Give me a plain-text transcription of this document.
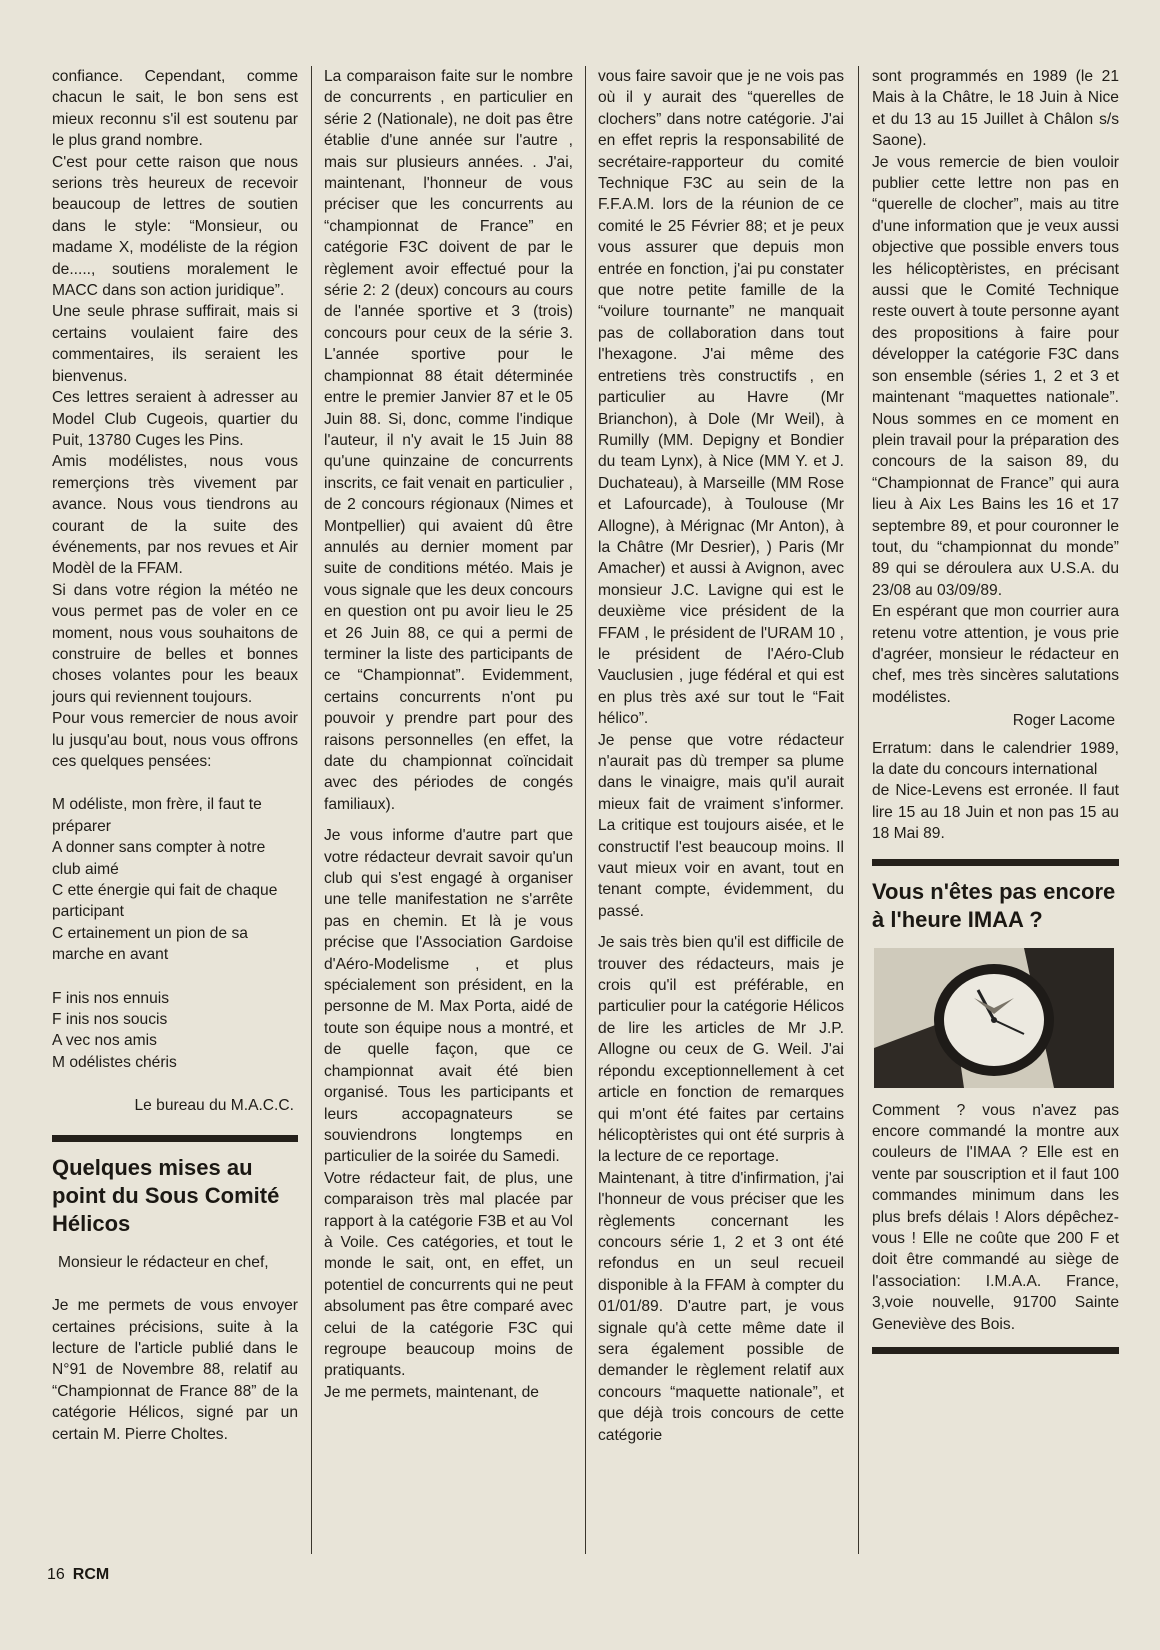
confiance. Cependant, comme chacun le sait, le bon sens est mieux reconnu s'il est soutenu par le plus grand nombre.

C'est pour cette raison que nous serions très heureux de recevoir beaucoup de lettres de soutien dans le style: “Monsieur, ou madame X, modéliste de la région de....., soutiens moralement le MACC dans son action juridique”.

Une seule phrase suffirait, mais si certains voulaient faire des commentaires, ils seraient les bienvenus.

Ces lettres seraient à adresser au Model Club Cugeois, quartier du Puit, 13780 Cuges les Pins.

Amis modélistes, nous vous remerçions très vivement par avance. Nous vous tiendrons au courant de la suite des événements, par nos revues et Air Modèl de la FFAM.

Si dans votre région la météo ne vous permet pas de voler en ce moment, nous vous souhaitons de construire de belles et bonnes choses volantes pour les beaux jours qui reviennent toujours.

Pour vous remercier de nous avoir lu jusqu'au bout, nous vous offrons ces quelques pensées:

M odéliste, mon frère, il faut te préparer

A donner sans compter à notre club aimé

C ette énergie qui fait de chaque participant

C ertainement un pion de sa marche en avant

F inis nos ennuis

F inis nos soucis

A vec nos amis

M odélistes chéris

Le bureau du M.A.C.C.

Quelques mises au point du Sous Comité Hélicos

Monsieur le rédacteur en chef,

Je me permets de vous envoyer certaines précisions, suite à la lecture de l'article publié dans le N°91 de Novembre 88, relatif au “Championnat de France 88” de la catégorie Hélicos, signé par un certain M. Pierre Choltes.

La comparaison faite sur le nombre de concurrents , en particulier en série 2 (Nationale), ne doit pas être établie d'une année sur l'autre , mais sur plusieurs années. . J'ai, maintenant, l'honneur de vous préciser que les concurrents au “championnat de France” en catégorie F3C doivent de par le règlement avoir effectué pour la série 2: 2 (deux) concours au cours de l'année sportive et 3 (trois) concours pour ceux de la série 3. L'année sportive pour le championnat 88 était déterminée entre le premier Janvier 87 et le 05 Juin 88. Si, donc, comme l'indique l'auteur, il n'y avait le 15 Juin 88 qu'une quinzaine de concurrents inscrits, ce fait venait en particulier , de 2 concours régionaux (Nimes et Montpellier) qui avaient dû être annulés au dernier moment par suite de conditions météo. Mais je vous signale que les deux concours en question ont pu avoir lieu le 25 et 26 Juin 88, ce qui a permi de terminer la liste des participants de ce “Championnat”. Evidemment, certains concurrents n'ont pu pouvoir y prendre part pour des raisons personnelles (en effet, la date du championnat coïncidait avec des périodes de congés familiaux).

Je vous informe d'autre part que votre rédacteur devrait savoir qu'un club qui s'est engagé à organiser une telle manifestation ne s'arrête pas en chemin. Et là je vous précise que l'Association Gardoise d'Aéro-Modelisme , et plus spécialement son président, en la personne de M. Max Porta, aidé de toute son équipe nous a montré, et de quelle façon, que ce championnat avait été bien organisé. Tous les participants et leurs accopagnateurs se souviendrons longtemps en particulier de la soirée du Samedi.

Votre rédacteur fait, de plus, une comparaison très mal placée par rapport à la catégorie F3B et au Vol à Voile. Ces catégories, et tout le monde le sait, ont, en effet, un potentiel de concurrents qui ne peut absolument pas être comparé avec celui de la catégorie F3C qui regroupe beaucoup moins de pratiquants.

Je me permets, maintenant, de

vous faire savoir que je ne vois pas où il y aurait des “querelles de clochers” dans notre catégorie. J'ai en effet repris la responsabilité de secrétaire-rapporteur du comité Technique F3C au sein de la F.F.A.M. lors de la réunion de ce comité le 25 Février 88; et je peux vous assurer que depuis mon entrée en fonction, j'ai pu constater que notre petite famille de la “voilure tournante” ne manquait pas de collaboration dans tout l'hexagone. J'ai même des entretiens très constructifs , en particulier au Havre (Mr Brianchon), à Dole (Mr Weil), à Rumilly (MM. Depigny et Bondier du team Lynx), à Nice (MM Y. et J. Duchateau), à Marseille (MM Rose et Lafourcade), à Toulouse (Mr Allogne), à Mérignac (Mr Anton), à la Châtre (Mr Desrier), ) Paris (Mr Amacher) et aussi à Avignon, avec monsieur J.C. Lavigne qui est le deuxième vice président de la FFAM , le président de l'URAM 10 , le président de l'Aéro-Club Vauclusien , juge fédéral et qui est en plus très axé sur tout le “Fait hélico”.

Je pense que votre rédacteur n'aurait pas dù tremper sa plume dans le vinaigre, mais qu'il aurait mieux fait de vraiment s'informer. La critique est toujours aisée, et le constructif l'est beaucoup moins. Il vaut mieux voir en avant, tout en tenant compte, évidemment, du passé.

Je sais très bien qu'il est difficile de trouver des rédacteurs, mais je crois qu'il est préférable, en particulier pour la catégorie Hélicos de lire les articles de Mr J.P. Allogne ou ceux de G. Weil. J'ai répondu exceptionnellement à cet article en fonction de remarques qui m'ont été faites par certains hélicoptèristes qui ont été surpris à la lecture de ce reportage.

Maintenant, à titre d'infirmation, j'ai l'honneur de vous préciser que les règlements concernant les concours série 1, 2 et 3 ont été refondus en un seul recueil disponible à la FFAM à compter du 01/01/89. D'autre part, je vous signale qu'à cette même date il sera également possible de demander le règlement relatif aux concours “maquette nationale”, et que déjà trois concours de cette catégorie

sont programmés en 1989 (le 21 Mais à la Châtre, le 18 Juin à Nice et du 13 au 15 Juillet à Châlon s/s Saone).

Je vous remercie de bien vouloir publier cette lettre non pas en “querelle de clocher”, mais au titre d'une information que je veux aussi objective que possible envers tous les hélicoptèristes, en précisant aussi que le Comité Technique reste ouvert à toute personne ayant des propositions à faire pour développer la catégorie F3C dans son ensemble (séries 1, 2 et 3 et maintenant “maquettes nationale”. Nous sommes en ce moment en plein travail pour la préparation des concours de la saison 89, du “Championnat de France” qui aura lieu à Aix Les Bains les 16 et 17 septembre 89, et pour couronner le tout, du “championnat du monde” 89 qui se déroulera aux U.S.A. du 23/08 au 03/09/89.

En espérant que mon courrier aura retenu votre attention, je vous prie d'agréer, monsieur le rédacteur en chef, mes très sincères salutations modélistes.

Roger Lacome

Erratum: dans le calendrier 1989, la date du concours international

de Nice-Levens est erronée. Il faut lire 15 au 18 Juin et non pas 15 au 18 Mai 89.

Vous n'êtes pas encore à l'heure IMAA ?

Comment ? vous n'avez pas encore commandé la montre aux couleurs de l'IMAA ? Elle est en vente par souscription et il faut 100 commandes minimum dans les plus brefs délais ! Alors dépêchez-vous ! Elle ne coûte que 200 F et doit être commandé au siège de l'association: I.M.A.A. France, 3,voie nouvelle, 91700 Sainte Geneviève des Bois.

16 RCM
